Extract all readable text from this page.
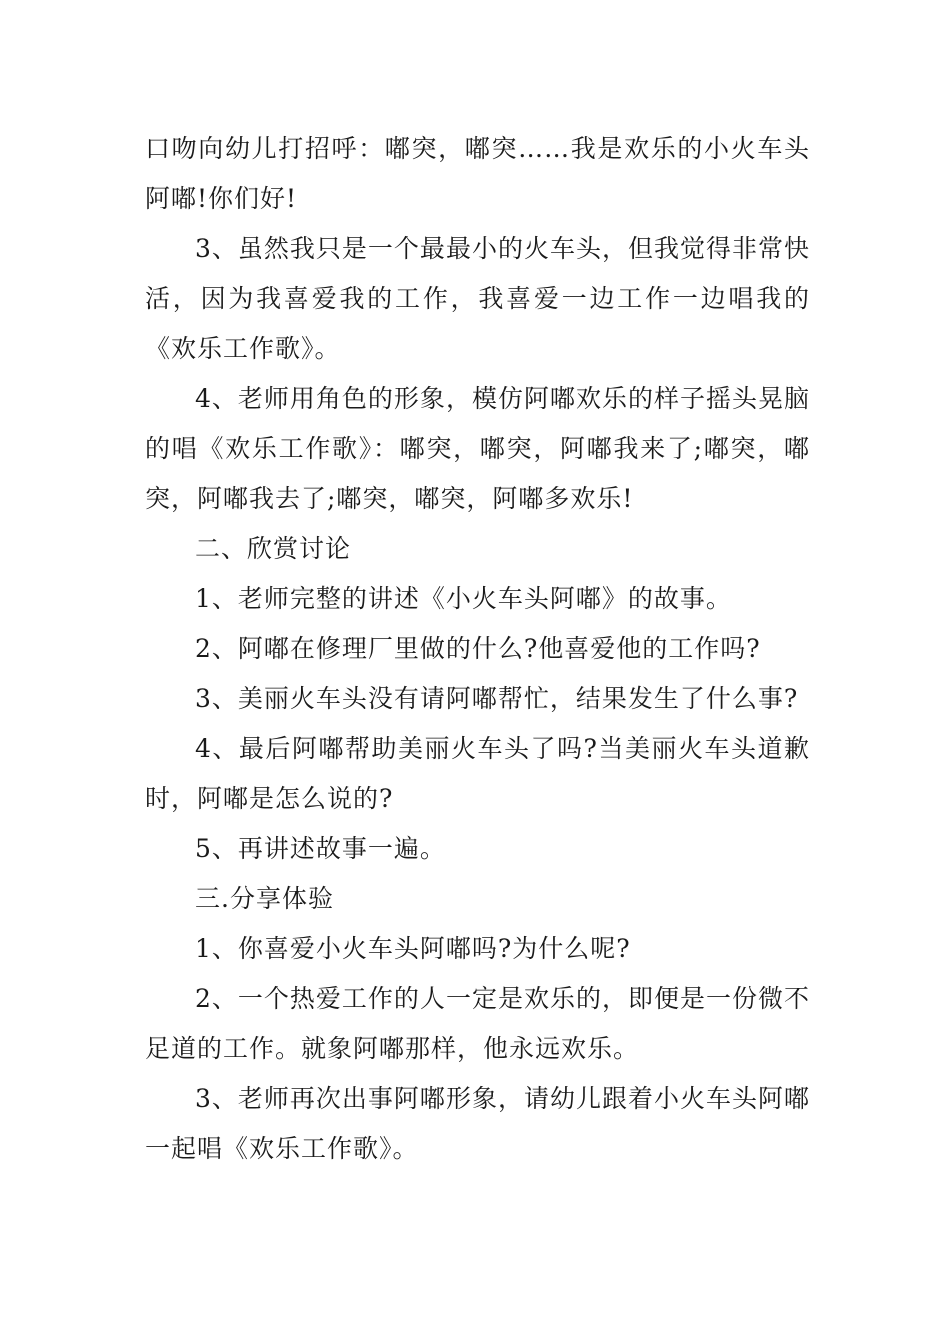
口吻向幼儿打招呼：嘟突，嘟突……我是欢乐的小火车头阿嘟!你们好!

3、虽然我只是一个最最小的火车头，但我觉得非常快活，因为我喜爱我的工作，我喜爱一边工作一边唱我的《欢乐工作歌》。

4、老师用角色的形象，模仿阿嘟欢乐的样子摇头晃脑的唱《欢乐工作歌》：嘟突，嘟突，阿嘟我来了;嘟突，嘟突，阿嘟我去了;嘟突，嘟突，阿嘟多欢乐!

二、欣赏讨论

1、老师完整的讲述《小火车头阿嘟》的故事。

2、阿嘟在修理厂里做的什么?他喜爱他的工作吗?

3、美丽火车头没有请阿嘟帮忙，结果发生了什么事?

4、最后阿嘟帮助美丽火车头了吗?当美丽火车头道歉时，阿嘟是怎么说的?

5、再讲述故事一遍。

三.分享体验

1、你喜爱小火车头阿嘟吗?为什么呢?

2、一个热爱工作的人一定是欢乐的，即便是一份微不足道的工作。就象阿嘟那样，他永远欢乐。

3、老师再次出事阿嘟形象，请幼儿跟着小火车头阿嘟一起唱《欢乐工作歌》。
